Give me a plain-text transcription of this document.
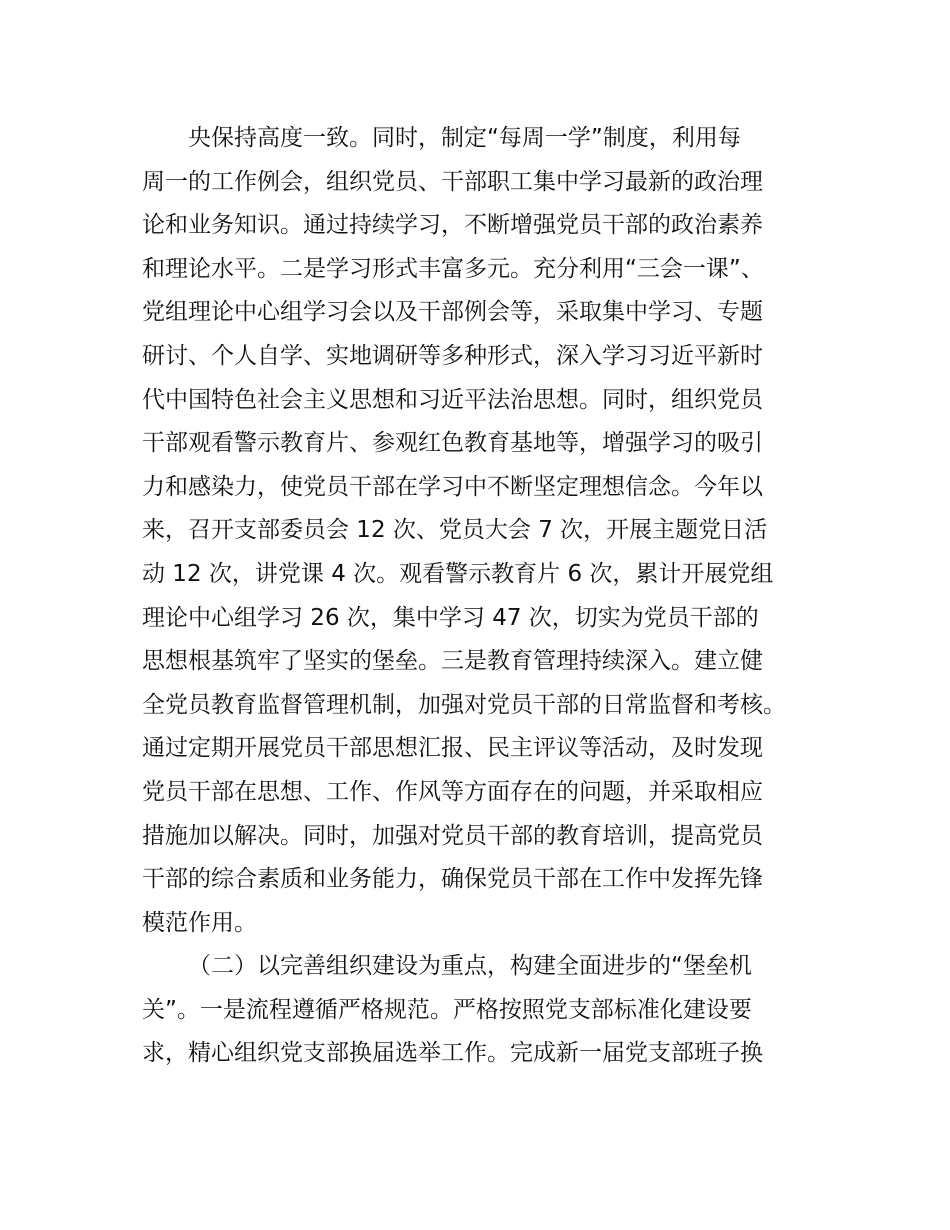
央保持高度一致。同时，制定“每周一学”制度，利用每
周一的工作例会，组织党员、干部职工集中学习最新的政治理
论和业务知识。通过持续学习，不断增强党员干部的政治素养
和理论水平。二是学习形式丰富多元。充分利用“三会一课”、
党组理论中心组学习会以及干部例会等，采取集中学习、专题
研讨、个人自学、实地调研等多种形式，深入学习习近平新时
代中国特色社会主义思想和习近平法治思想。同时，组织党员
干部观看警示教育片、参观红色教育基地等，增强学习的吸引
力和感染力，使党员干部在学习中不断坚定理想信念。今年以
来，召开支部委员会 12 次、党员大会 7 次，开展主题党日活
动 12 次，讲党课 4 次。观看警示教育片 6 次，累计开展党组
理论中心组学习 26 次，集中学习 47 次，切实为党员干部的
思想根基筑牢了坚实的堡垒。三是教育管理持续深入。建立健
全党员教育监督管理机制，加强对党员干部的日常监督和考核。
通过定期开展党员干部思想汇报、民主评议等活动，及时发现
党员干部在思想、工作、作风等方面存在的问题，并采取相应
措施加以解决。同时，加强对党员干部的教育培训，提高党员
干部的综合素质和业务能力，确保党员干部在工作中发挥先锋
模范作用。
（二）以完善组织建设为重点，构建全面进步的“堡垒机
关”。一是流程遵循严格规范。严格按照党支部标准化建设要
求，精心组织党支部换届选举工作。完成新一届党支部班子换
